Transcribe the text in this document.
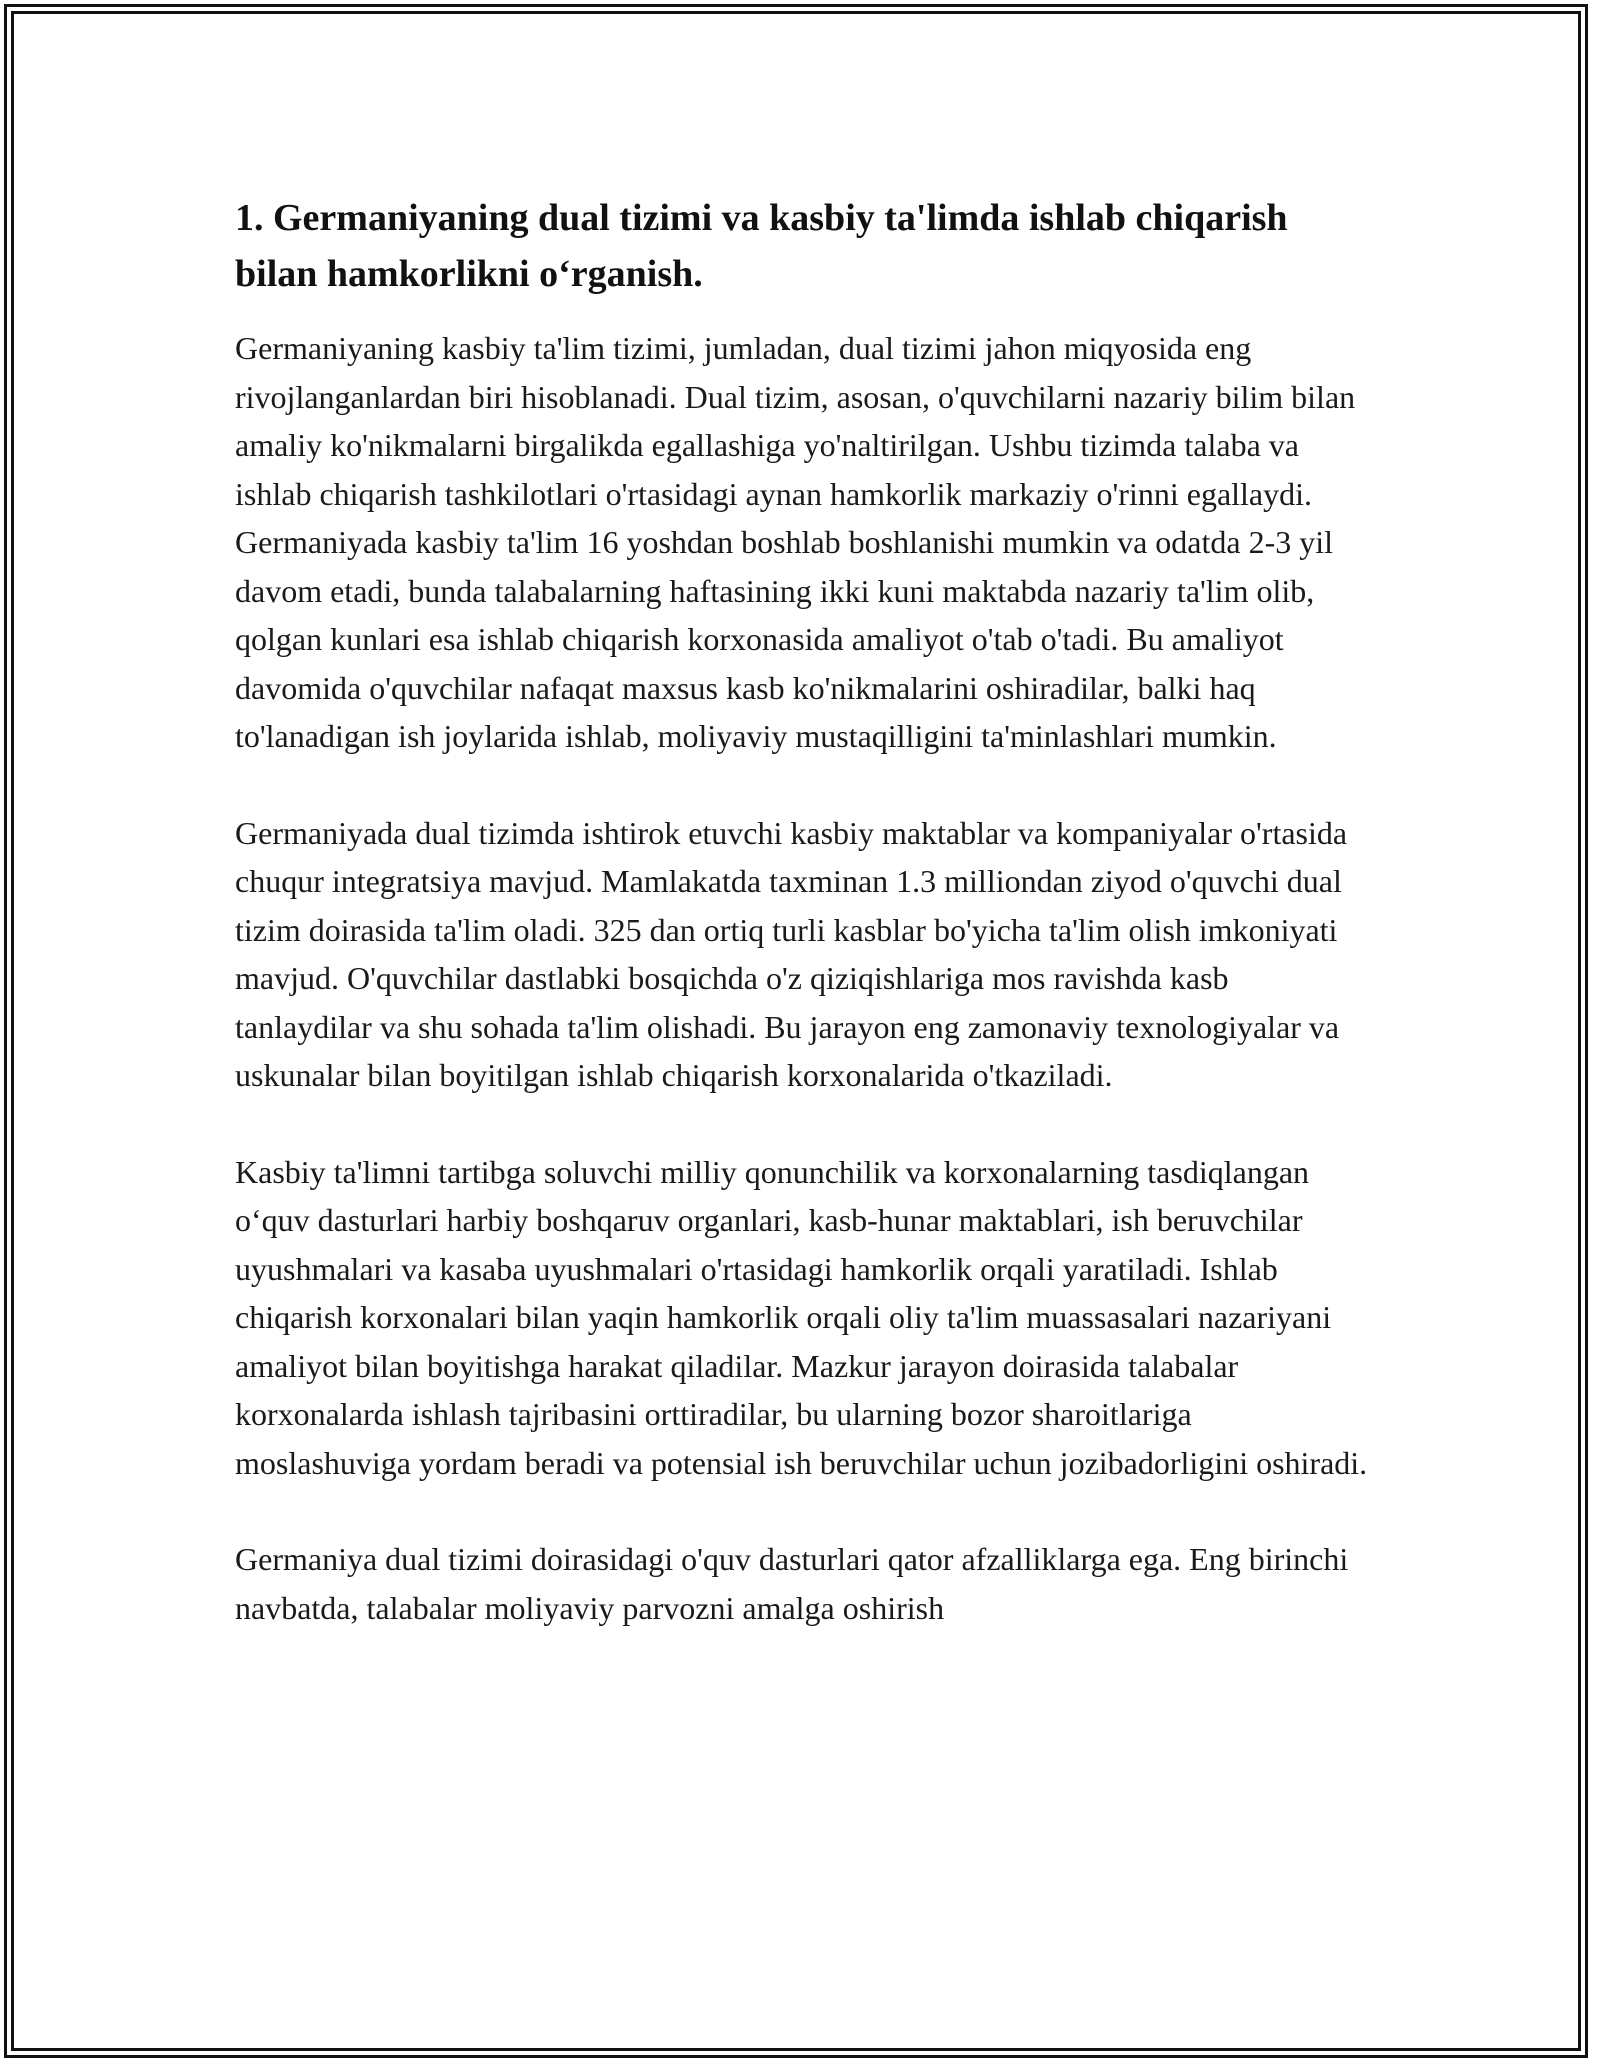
1. Germaniyaning dual tizimi va kasbiy ta'limda ishlab chiqarish bilan hamkorlikni o‘rganish.

Germaniyaning kasbiy ta'lim tizimi, jumladan, dual tizimi jahon miqyosida eng rivojlanganlardan biri hisoblanadi. Dual tizim, asosan, o'quvchilarni nazariy bilim bilan amaliy ko'nikmalarni birgalikda egallashiga yo'naltirilgan. Ushbu tizimda talaba va ishlab chiqarish tashkilotlari o'rtasidagi aynan hamkorlik markaziy o'rinni egallaydi. Germaniyada kasbiy ta'lim 16 yoshdan boshlab boshlanishi mumkin va odatda 2-3 yil davom etadi, bunda talabalarning haftasining ikki kuni maktabda nazariy ta'lim olib, qolgan kunlari esa ishlab chiqarish korxonasida amaliyot o'tab o'tadi. Bu amaliyot davomida o'quvchilar nafaqat maxsus kasb ko'nikmalarini oshiradilar, balki haq to'lanadigan ish joylarida ishlab, moliyaviy mustaqilligini ta'minlashlari mumkin.

Germaniyada dual tizimda ishtirok etuvchi kasbiy maktablar va kompaniyalar o'rtasida chuqur integratsiya mavjud. Mamlakatda taxminan 1.3 milliondan ziyod o'quvchi dual tizim doirasida ta'lim oladi. 325 dan ortiq turli kasblar bo'yicha ta'lim olish imkoniyati mavjud. O'quvchilar dastlabki bosqichda o'z qiziqishlariga mos ravishda kasb tanlaydilar va shu sohada ta'lim olishadi. Bu jarayon eng zamonaviy texnologiyalar va uskunalar bilan boyitilgan ishlab chiqarish korxonalarida o'tkaziladi.

Kasbiy ta'limni tartibga soluvchi milliy qonunchilik va korxonalarning tasdiqlangan o‘quv dasturlari harbiy boshqaruv organlari, kasb-hunar maktablari, ish beruvchilar uyushmalari va kasaba uyushmalari o'rtasidagi hamkorlik orqali yaratiladi. Ishlab chiqarish korxonalari bilan yaqin hamkorlik orqali oliy ta'lim muassasalari nazariyani amaliyot bilan boyitishga harakat qiladilar. Mazkur jarayon doirasida talabalar korxonalarda ishlash tajribasini orttiradilar, bu ularning bozor sharoitlariga moslashuviga yordam beradi va potensial ish beruvchilar uchun jozibadorligini oshiradi.

Germaniya dual tizimi doirasidagi o'quv dasturlari qator afzalliklarga ega. Eng birinchi navbatda, talabalar moliyaviy parvozni amalga oshirish
